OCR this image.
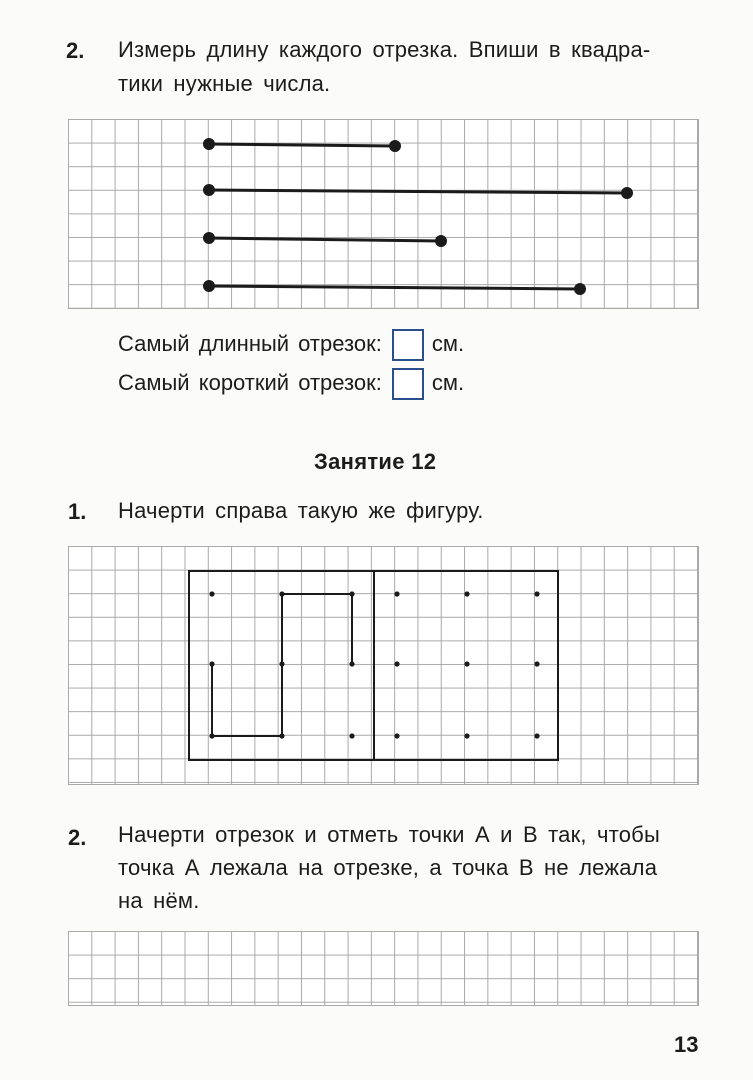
2. Измерь длину каждого отрезка. Впиши в квадра-
тики нужные числа.
Самый длинный отрезок: см.
Самый короткий отрезок: см.
Занятие 12
1. Начерти справа такую же фигуру.
2. Начерти отрезок и отметь точки А и В так, чтобы
точка А лежала на отрезке, а точка В не лежала
на нём.
13
